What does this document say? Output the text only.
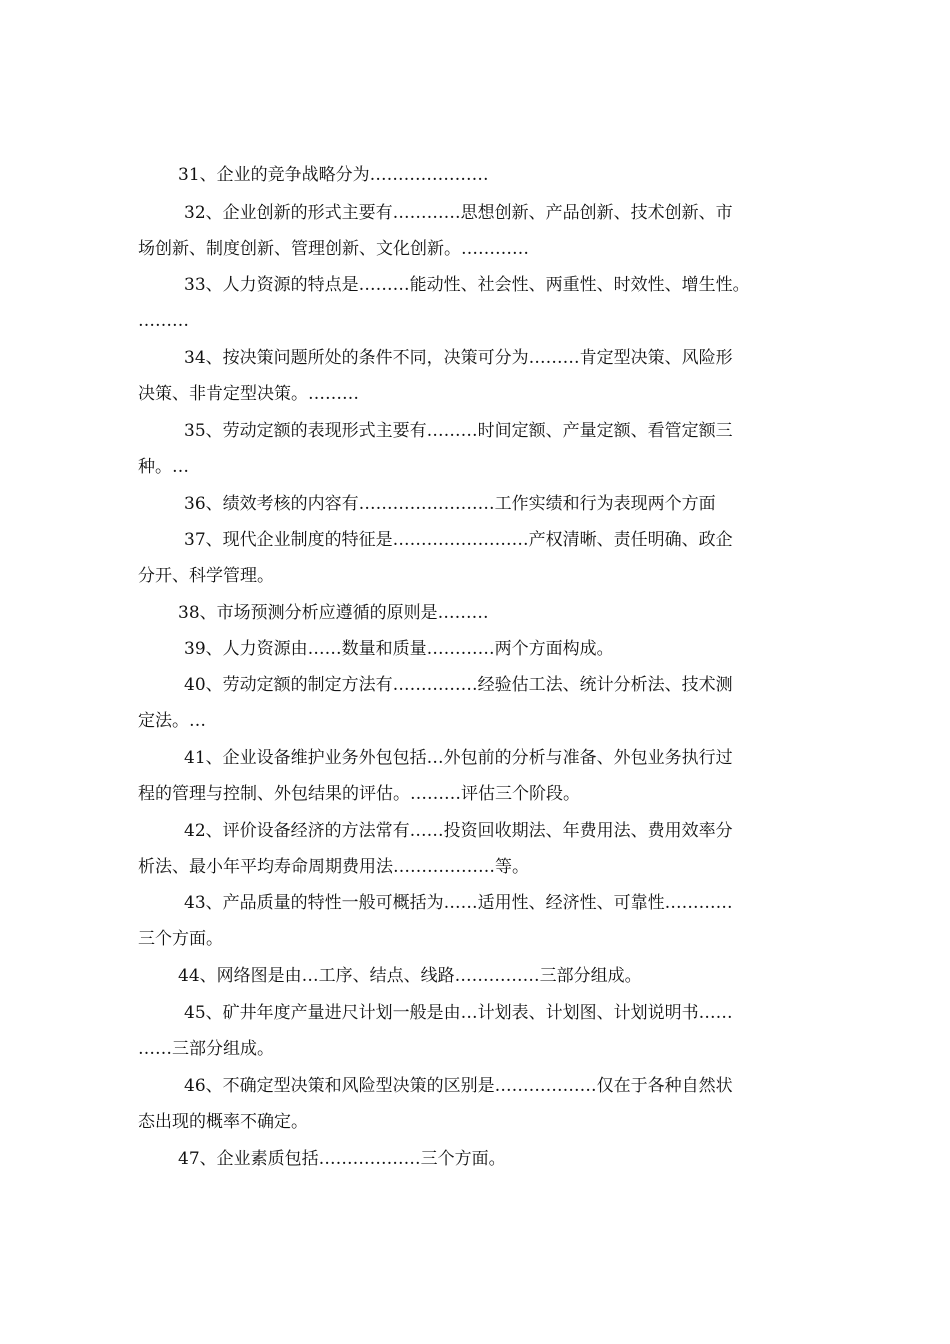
31、企业的竞争战略分为…………………
32、企业创新的形式主要有…………思想创新、产品创新、技术创新、市
场创新、制度创新、管理创新、文化创新。…………
33、人力资源的特点是………能动性、社会性、两重性、时效性、增生性。
………
34、按决策问题所处的条件不同，决策可分为………肯定型决策、风险形
决策、非肯定型决策。………
35、劳动定额的表现形式主要有………时间定额、产量定额、看管定额三
种。…
36、绩效考核的内容有……………………工作实绩和行为表现两个方面
37、现代企业制度的特征是……………………产权清晰、责任明确、政企
分开、科学管理。
38、市场预测分析应遵循的原则是………
39、人力资源由……数量和质量…………两个方面构成。
40、劳动定额的制定方法有……………经验估工法、统计分析法、技术测
定法。…
41、企业设备维护业务外包包括…外包前的分析与准备、外包业务执行过
程的管理与控制、外包结果的评估。………评估三个阶段。
42、评价设备经济的方法常有……投资回收期法、年费用法、费用效率分
析法、最小年平均寿命周期费用法………………等。
43、产品质量的特性一般可概括为……适用性、经济性、可靠性…………
三个方面。
44、网络图是由…工序、结点、线路……………三部分组成。
45、矿井年度产量进尺计划一般是由…计划表、计划图、计划说明书……
……三部分组成。
46、不确定型决策和风险型决策的区别是………………仅在于各种自然状
态出现的概率不确定。
47、企业素质包括………………三个方面。
